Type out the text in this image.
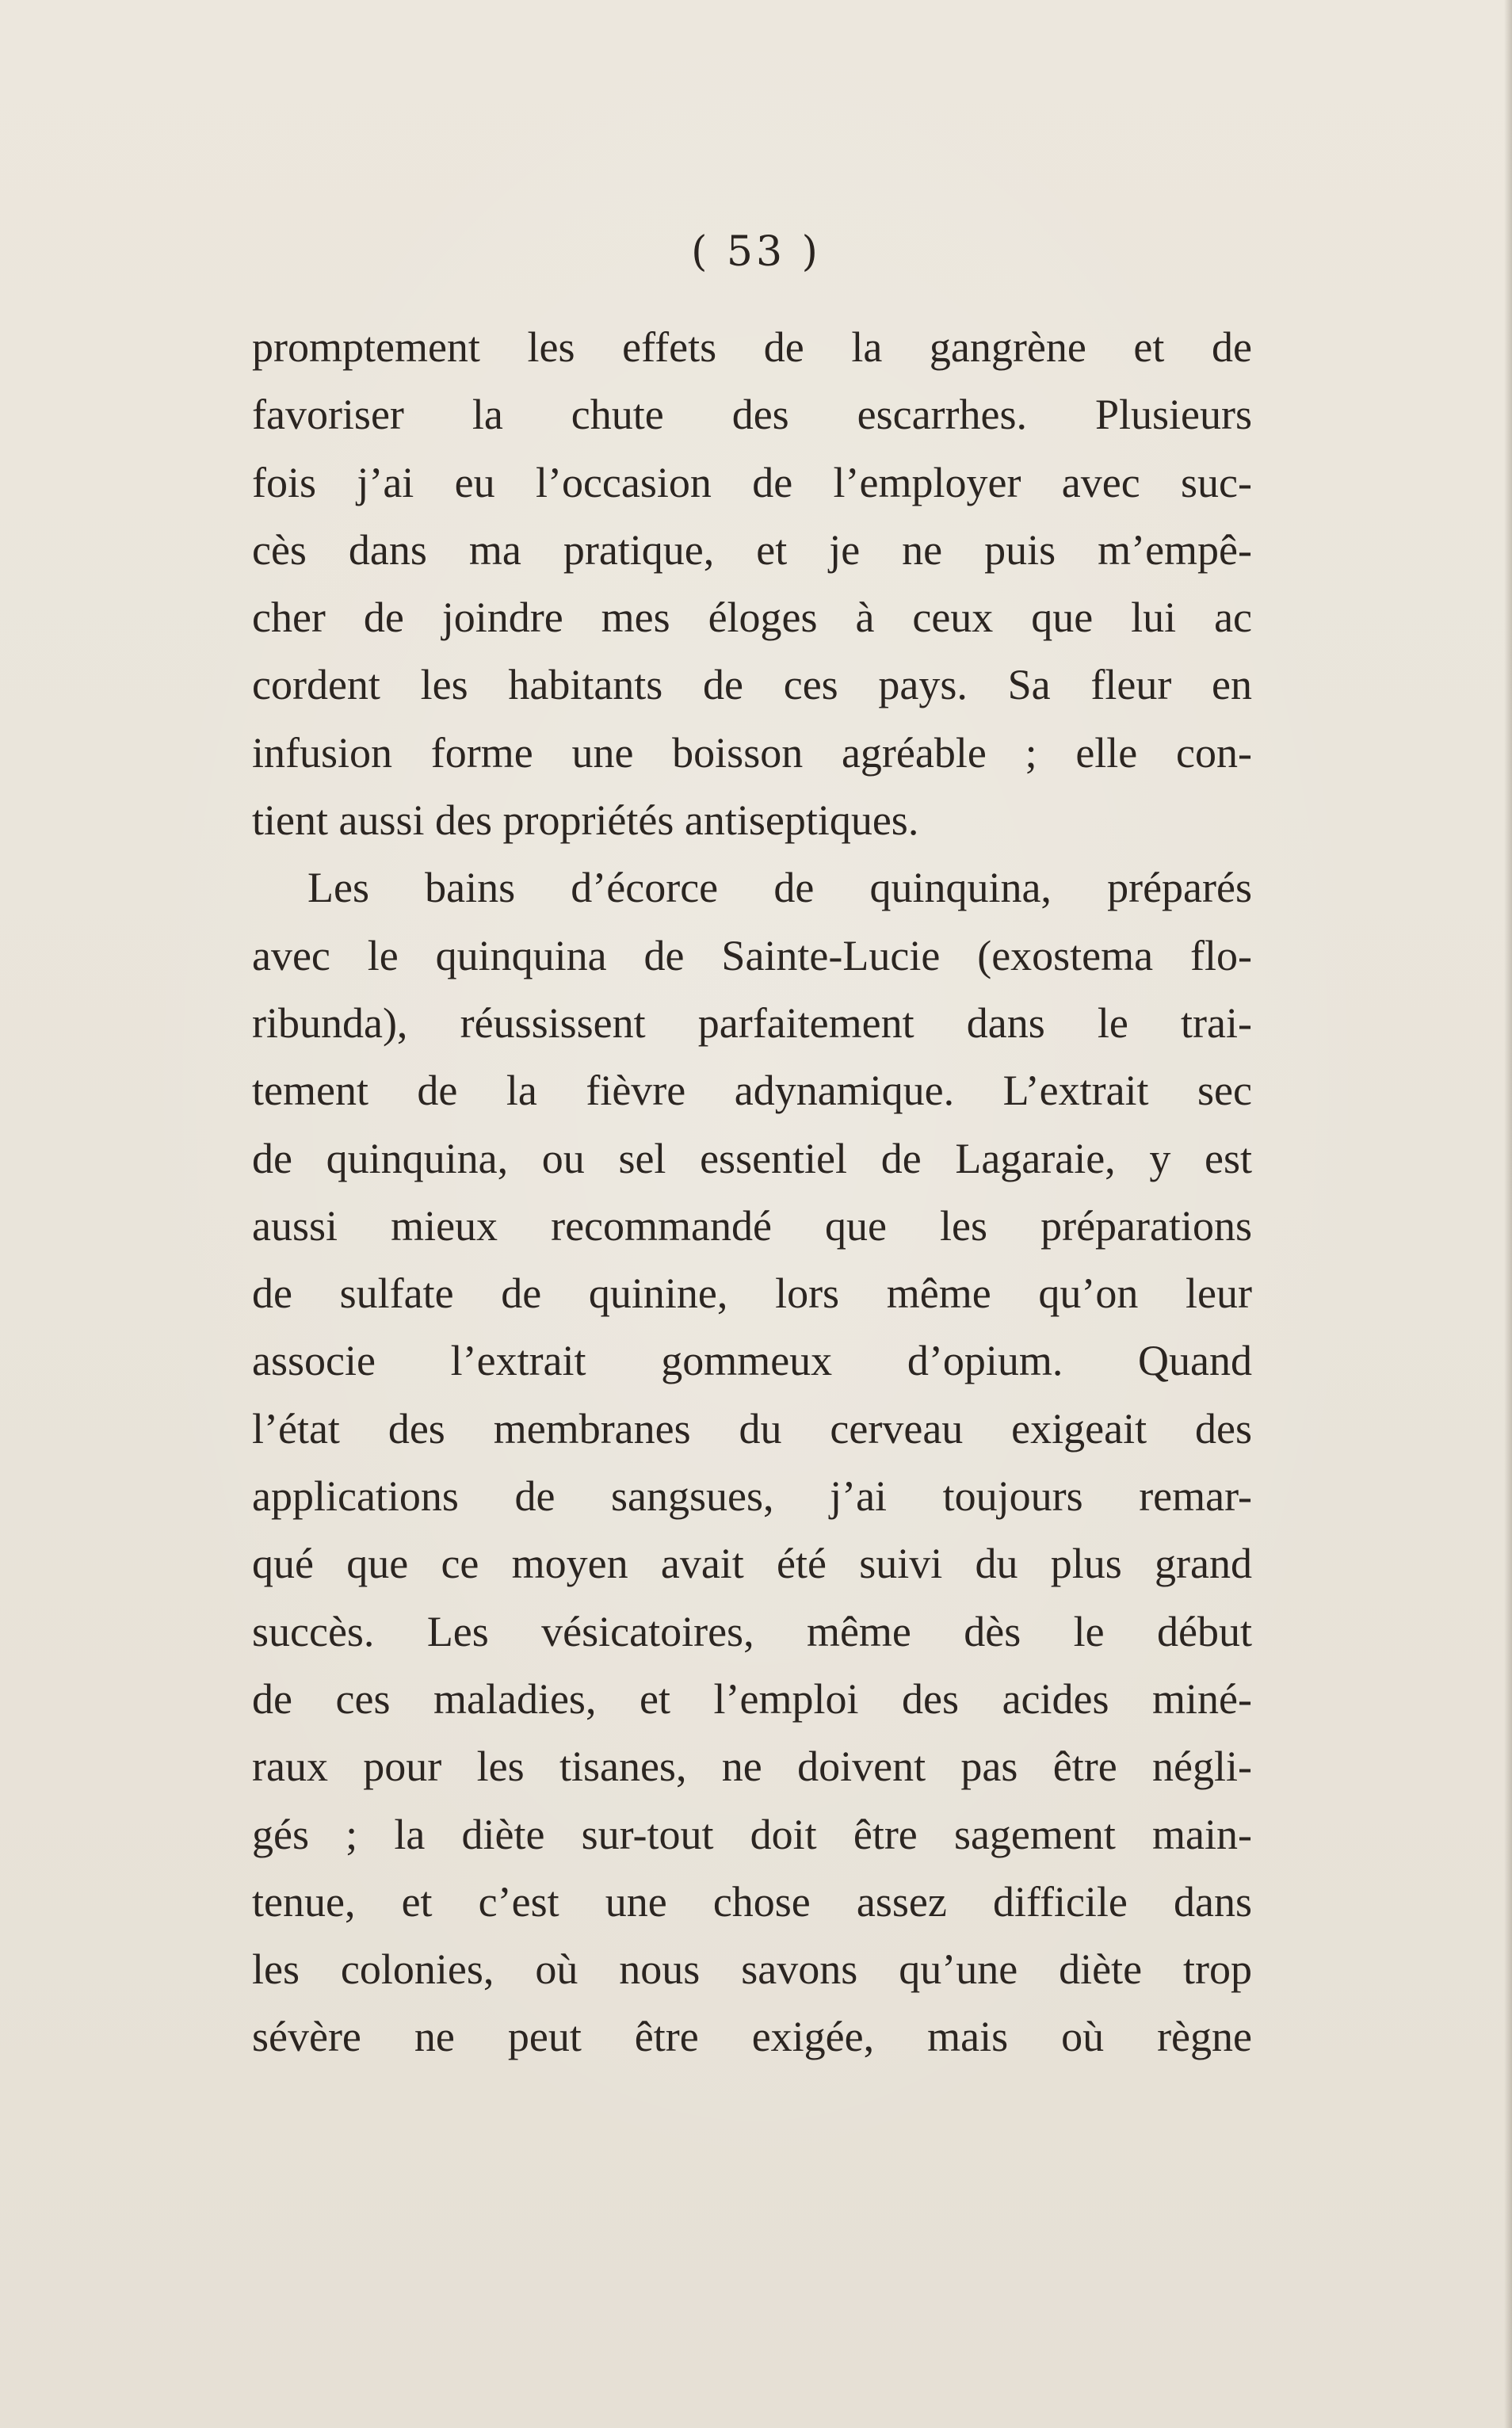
( 53 )
promptement les effets de la gangrène et de
favoriser la chute des escarrhes. Plusieurs
fois j’ai eu l’occasion de l’employer avec suc-
cès dans ma pratique, et je ne puis m’empê-
cher de joindre mes éloges à ceux que lui ac
cordent les habitants de ces pays. Sa fleur en
infusion forme une boisson agréable ; elle con-
tient aussi des propriétés antiseptiques.
Les bains d’écorce de quinquina, préparés
avec le quinquina de Sainte-Lucie (exostema flo-
ribunda), réussissent parfaitement dans le trai-
tement de la fièvre adynamique. L’extrait sec
de quinquina, ou sel essentiel de Lagaraie, y est
aussi mieux recommandé que les préparations
de sulfate de quinine, lors même qu’on leur
associe l’extrait gommeux d’opium. Quand
l’état des membranes du cerveau exigeait des
applications de sangsues, j’ai toujours remar-
qué que ce moyen avait été suivi du plus grand
succès. Les vésicatoires, même dès le début
de ces maladies, et l’emploi des acides miné-
raux pour les tisanes, ne doivent pas être négli-
gés ; la diète sur-tout doit être sagement main-
tenue, et c’est une chose assez difficile dans
les colonies, où nous savons qu’une diète trop
sévère ne peut être exigée, mais où règne
